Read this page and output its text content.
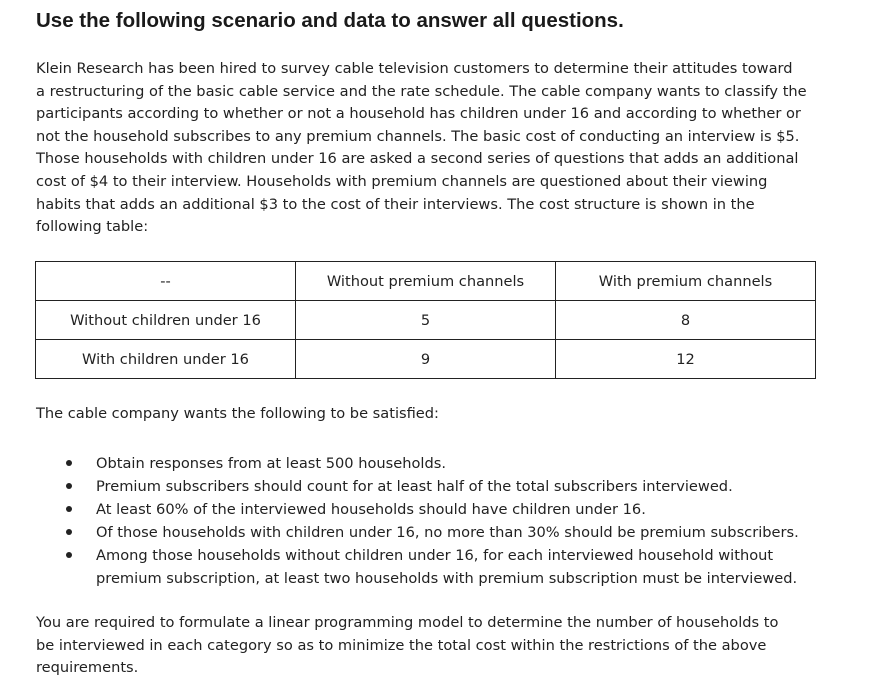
Use the following scenario and data to answer all questions.
Klein Research has been hired to survey cable television customers to determine their attitudes toward
a restructuring of the basic cable service and the rate schedule. The cable company wants to classify the
participants according to whether or not a household has children under 16 and according to whether or
not the household subscribes to any premium channels. The basic cost of conducting an interview is $5.
Those households with children under 16 are asked a second series of questions that adds an additional
cost of $4 to their interview. Households with premium channels are questioned about their viewing
habits that adds an additional $3 to the cost of their interviews. The cost structure is shown in the
following table:
--	Without premium channels	With premium channels
Without children under 16	5	8
With children under 16	9	12
The cable company wants the following to be satisfied:
Obtain responses from at least 500 households.
Premium subscribers should count for at least half of the total subscribers interviewed.
At least 60% of the interviewed households should have children under 16.
Of those households with children under 16, no more than 30% should be premium subscribers.
Among those households without children under 16, for each interviewed household without
premium subscription, at least two households with premium subscription must be interviewed.
You are required to formulate a linear programming model to determine the number of households to
be interviewed in each category so as to minimize the total cost within the restrictions of the above
requirements.
